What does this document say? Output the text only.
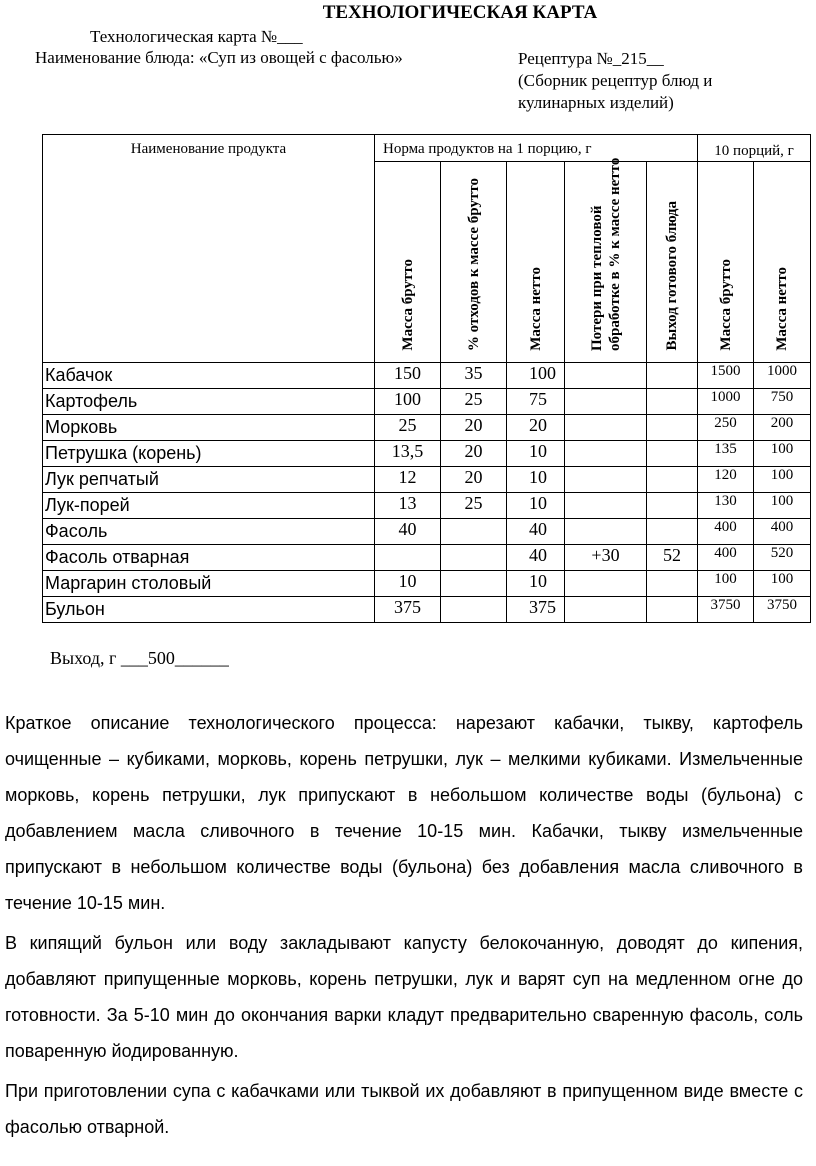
ТЕХНОЛОГИЧЕСКАЯ КАРТА
Технологическая карта №___
Наименование блюда: «Суп из овощей с фасолью»	Рецептура №_215__
(Сборник рецептур блюд и кулинарных изделий)
Наименование продукта	Норма продуктов на 1 порцию, г					10 порций, г	
	Масса брутто	% отходов к массе брутто	Масса нетто	Потери при тепловой обработке в % к массе нетто	Выход готового блюда	Масса брутто	Масса нетто
Кабачок	150	35	100			1500	1000
Картофель	100	25	75			1000	750
Морковь	25	20	20			250	200
Петрушка (корень)	13,5	20	10			135	100
Лук репчатый	12	20	10			120	100
Лук-порей	13	25	10			130	100
Фасоль	40		40			400	400
Фасоль отварная			40	+30	52	400	520
Маргарин столовый	10		10			100	100
Бульон	375		375			3750	3750
Выход, г ___500______

Краткое описание технологического процесса: нарезают кабачки, тыкву, картофель очищенные – кубиками, морковь, корень петрушки, лук – мелкими кубиками. Измельченные морковь, корень петрушки, лук припускают в небольшом количестве воды (бульона) с добавлением масла сливочного в течение 10-15 мин. Кабачки, тыкву измельченные припускают в небольшом количестве воды (бульона) без добавления масла сливочного в течение 10-15 мин.

В кипящий бульон или воду закладывают капусту белокочанную, доводят до кипения, добавляют припущенные морковь, корень петрушки, лук и варят суп на медленном огне до готовности. За 5-10 мин до окончания варки кладут предварительно сваренную фасоль, соль поваренную йодированную.

При приготовлении супа с кабачками или тыквой их добавляют в припущенном виде вместе с фасолью отварной.
